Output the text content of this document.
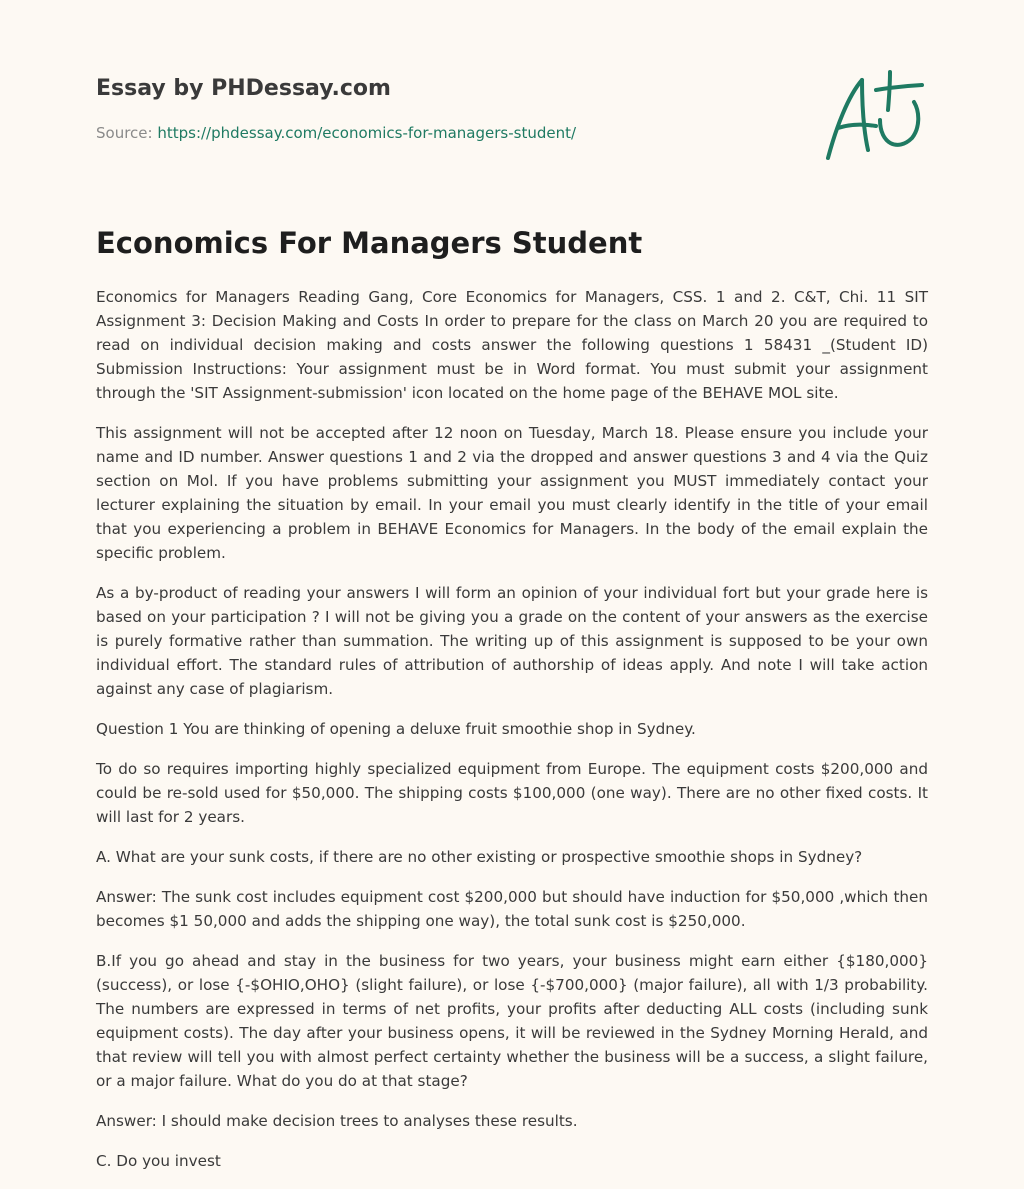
Essay by PHDessay.com
Source: https://phdessay.com/economics-for-managers-student/
Economics For Managers Student

Economics for Managers Reading Gang, Core Economics for Managers, CSS. 1 and 2. C&T, Chi. 11 SIT Assignment 3: Decision Making and Costs In order to prepare for the class on March 20 you are required to read on individual decision making and costs answer the following questions 1 58431 _(Student ID) Submission Instructions: Your assignment must be in Word format. You must submit your assignment through the 'SIT Assignment-submission' icon located on the home page of the BEHAVE MOL site.

This assignment will not be accepted after 12 noon on Tuesday, March 18. Please ensure you include your name and ID number. Answer questions 1 and 2 via the dropped and answer questions 3 and 4 via the Quiz section on Mol. If you have problems submitting your assignment you MUST immediately contact your lecturer explaining the situation by email. In your email you must clearly identify in the title of your email that you experiencing a problem in BEHAVE Economics for Managers. In the body of the email explain the specific problem.

As a by-product of reading your answers I will form an opinion of your individual fort but your grade here is based on your participation ? I will not be giving you a grade on the content of your answers as the exercise is purely formative rather than summation. The writing up of this assignment is supposed to be your own individual effort. The standard rules of attribution of authorship of ideas apply. And note I will take action against any case of plagiarism.

Question 1 You are thinking of opening a deluxe fruit smoothie shop in Sydney.

To do so requires importing highly specialized equipment from Europe. The equipment costs $200,000 and could be re-sold used for $50,000. The shipping costs $100,000 (one way). There are no other fixed costs. It will last for 2 years.

A. What are your sunk costs, if there are no other existing or prospective smoothie shops in Sydney?

Answer: The sunk cost includes equipment cost $200,000 but should have induction for $50,000 ,which then becomes $1 50,000 and adds the shipping one way), the total sunk cost is $250,000.

B.If you go ahead and stay in the business for two years, your business might earn either {$180,000} (success), or lose {-$OHIO,OHO} (slight failure), or lose {-$700,000} (major failure), all with 1/3 probability. The numbers are expressed in terms of net profits, your profits after deducting ALL costs (including sunk equipment costs). The day after your business opens, it will be reviewed in the Sydney Morning Herald, and that review will tell you with almost perfect certainty whether the business will be a success, a slight failure, or a major failure. What do you do at that stage?

Answer: I should make decision trees to analyses these results.

C. Do you invest
